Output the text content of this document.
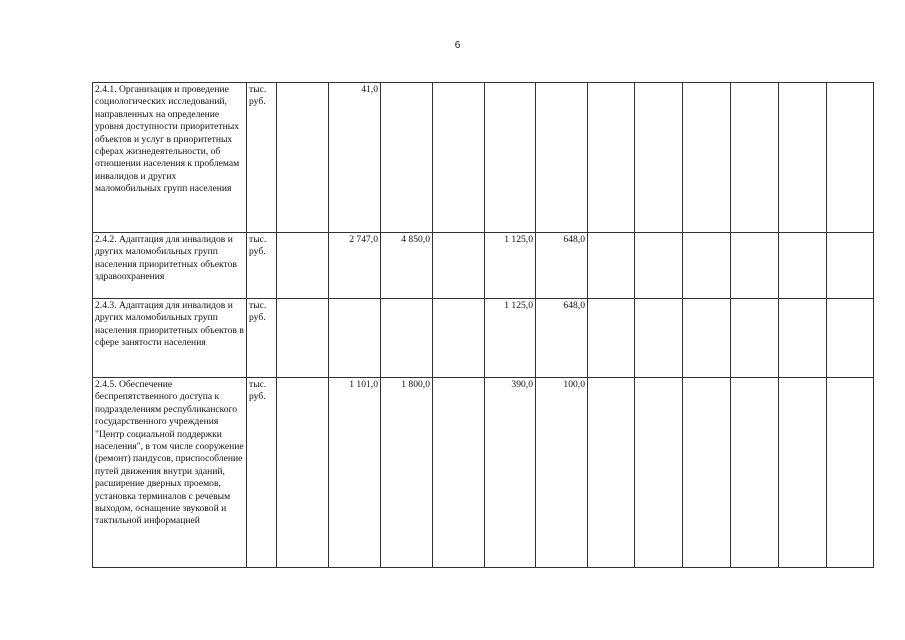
6
2.4.1. Организация и проведение социологических исследований, направленных на определение уровня доступности приоритетных объектов и услуг в приоритетных сферах жизнедеятельности, об отношении населения к проблемам инвалидов и других маломобильных групп населения	тыс. руб.		41,0										
2.4.2. Адаптация для инвалидов и других маломобильных групп населения приоритетных объектов здравоохранения	тыс. руб.		2 747,0	4 850,0		1 125,0	648,0						
2.4.3. Адаптация для инвалидов и других маломобильных групп населения приоритетных объектов в сфере занятости населения	тыс. руб.					1 125,0	648,0						
2.4.5. Обеспечение беспрепятственного доступа к подразделениям республиканского государственного учреждения "Центр социальной поддержки населения", в том числе сооружение (ремонт) пандусов, приспособление путей движения внутри зданий, расширение дверных проемов, установка терминалов с речевым выходом, оснащение звуковой и тактильной информацией	тыс. руб.		1 101,0	1 800,0		390,0	100,0						
